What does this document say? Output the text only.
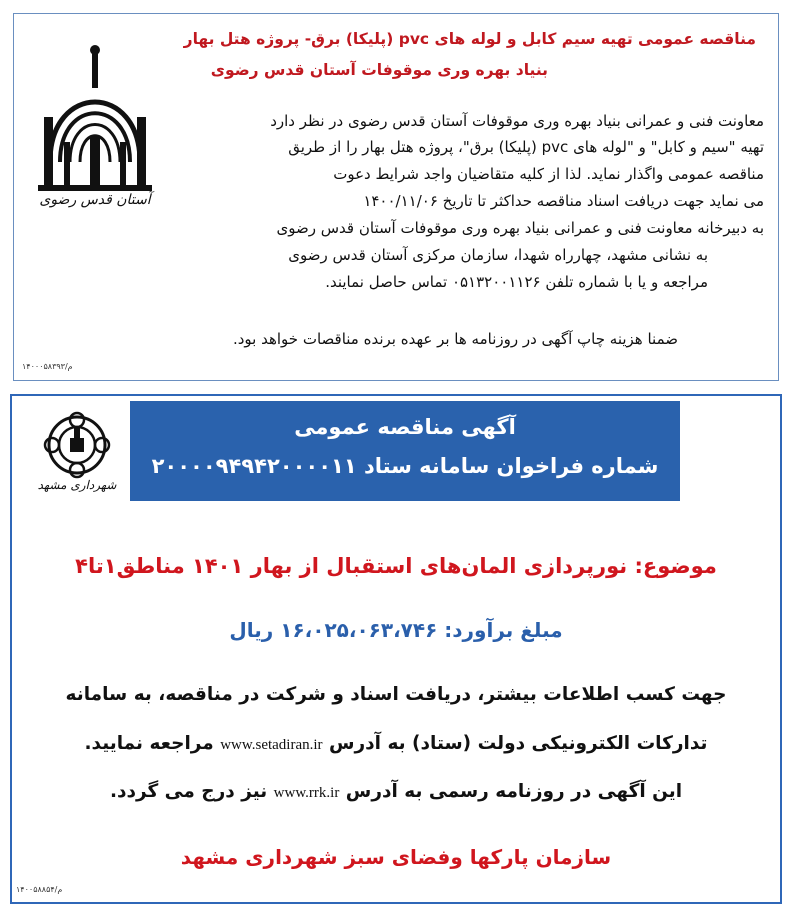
آستان قدس رضوی
مناقصه عمومی تهیه سیم کابل و لوله های pvc (پلیکا) برق- پروژه هتل بهار
بنیاد بهره وری موقوفات آستان قدس رضوی
معاونت فنی و عمرانی بنیاد بهره وری موقوفات آستان قدس رضوی در نظر دارد
تهیه "سیم و کابل" و "لوله های pvc (پلیکا) برق"، پروژه هتل بهار را از طریق
مناقصه عمومی واگذار نماید. لذا از کلیه متقاضیان واجد شرایط دعوت
می نماید جهت دریافت اسناد مناقصه حداکثر تا تاریخ ۱۴۰۰/۱۱/۰۶
به دبیرخانه معاونت فنی و عمرانی بنیاد بهره وری موقوفات آستان قدس رضوی
به نشانی مشهد، چهارراه شهدا، سازمان مرکزی آستان قدس رضوی
مراجعه و یا با شماره تلفن ۰۵۱۳۲۰۰۱۱۲۶ تماس حاصل نمایند.
ضمنا هزینه چاپ آگهی در روزنامه ها بر عهده برنده مناقصات خواهد بود.
م/۱۴۰۰۰۵۸۳۹۳
شهرداری مشهد
آگهی مناقصه عمومی
شماره فراخوان سامانه ستاد ۲۰۰۰۰۹۴۹۴۲۰۰۰۰۱۱
موضوع: نورپردازی المان‌های استقبال از بهار ۱۴۰۱ مناطق۱تا۴
مبلغ برآورد: ۱۶،۰۲۵،۰۶۳،۷۴۶ ریال
جهت کسب اطلاعات بیشتر، دریافت اسناد و شرکت در مناقصه، به سامانه
تدارکات الکترونیکی دولت (ستاد) به آدرس www.setadiran.ir مراجعه نمایید.
این آگهی در روزنامه رسمی به آدرس www.rrk.ir نیز درج می گردد.
سازمان پارکها وفضای سبز شهرداری مشهد
م/۱۴۰۰۵۸۸۵۴
